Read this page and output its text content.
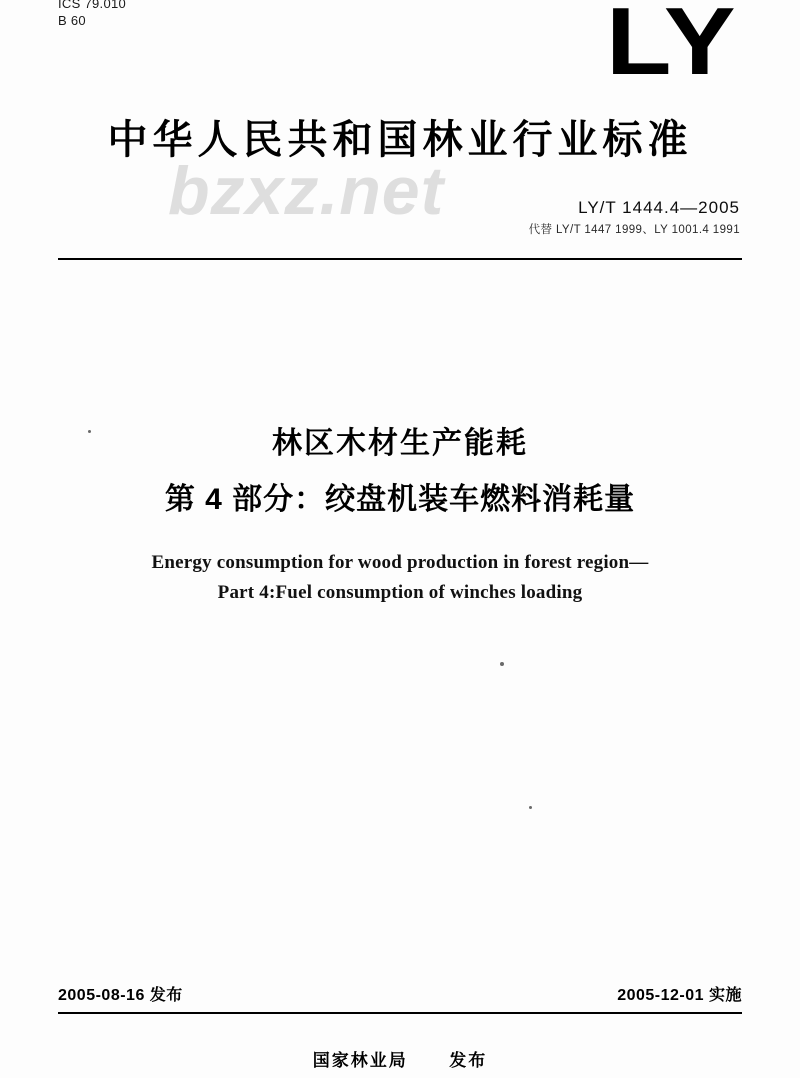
ICS 79.010
B 60	LY
中华人民共和国林业行业标准
bzxz.net	LY/T 1444.4—2005
代替 LY/T 1447 1999、LY 1001.4 1991
林区木材生产能耗
第 4 部分：绞盘机装车燃料消耗量
Energy consumption for wood production in forest region—
Part 4:Fuel consumption of winches loading
2005-08-16 发布	2005-12-01 实施
国家林业局 发布
